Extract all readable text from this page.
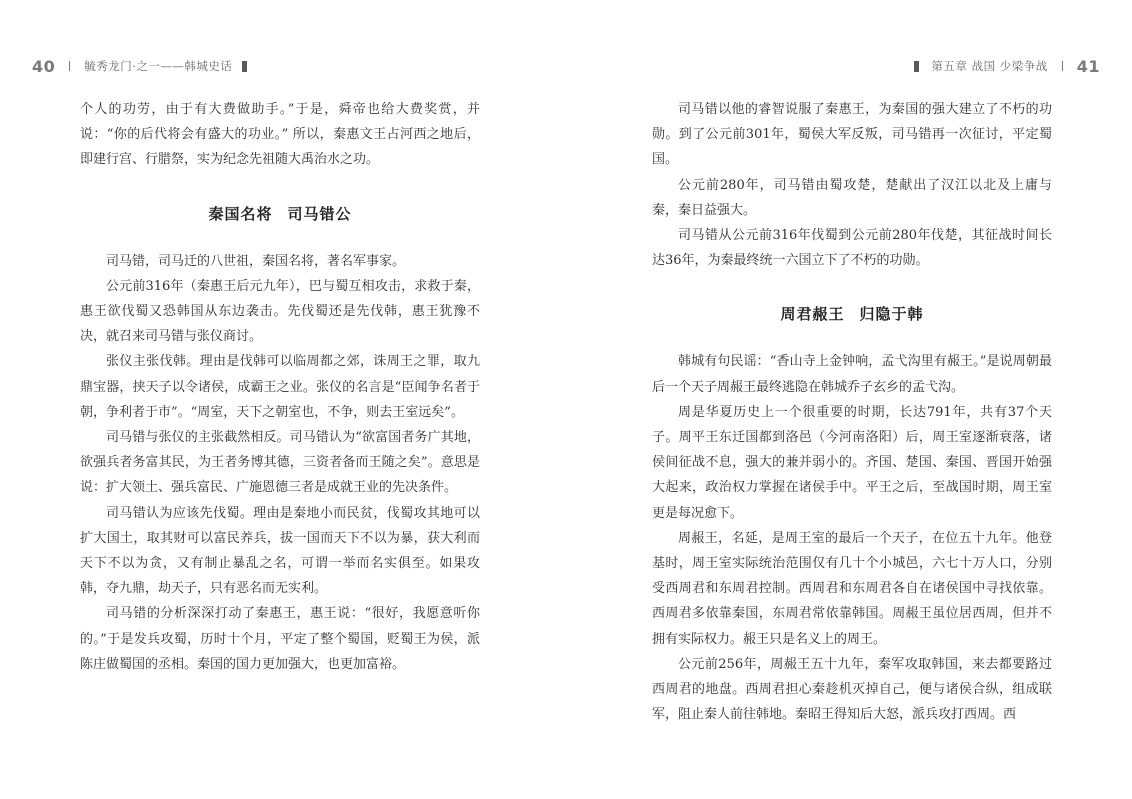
40	毓秀龙门·之一——韩城史话

个人的功劳，由于有大费做助手。”于是，舜帝也给大费奖赏，并说：“你的后代将会有盛大的功业。” 所以，秦惠文王占河西之地后，即建行宫、行腊祭，实为纪念先祖随大禹治水之功。

秦国名将 司马错公

司马错，司马迁的八世祖，秦国名将，著名军事家。

公元前316年（秦惠王后元九年），巴与蜀互相攻击，求救于秦，惠王欲伐蜀又恐韩国从东边袭击。先伐蜀还是先伐韩，惠王犹豫不决，就召来司马错与张仪商讨。

张仪主张伐韩。理由是伐韩可以临周都之郊，诛周王之罪，取九鼎宝器，挟天子以令诸侯，成霸王之业。张仪的名言是“臣闻争名者于朝，争利者于市”。“周室，天下之朝室也，不争，则去王室远矣”。

司马错与张仪的主张截然相反。司马错认为“欲富国者务广其地，欲强兵者务富其民，为王者务博其德，三资者备而王随之矣”。意思是说：扩大领土、强兵富民、广施恩德三者是成就王业的先决条件。

司马错认为应该先伐蜀。理由是秦地小而民贫，伐蜀攻其地可以扩大国土，取其财可以富民养兵，拔一国而天下不以为暴，获大利而天下不以为贪，又有制止暴乱之名，可谓一举而名实俱至。如果攻韩，夺九鼎，劫天子，只有恶名而无实利。

司马错的分析深深打动了秦惠王，惠王说：“很好，我愿意听你的。”于是发兵攻蜀，历时十个月，平定了整个蜀国，贬蜀王为侯，派陈庄做蜀国的丞相。秦国的国力更加强大，也更加富裕。

第五章 战国 少梁争战 41

司马错以他的睿智说服了秦惠王，为秦国的强大建立了不朽的功勋。到了公元前301年，蜀侯大军反叛，司马错再一次征讨，平定蜀国。

公元前280年，司马错由蜀攻楚，楚献出了汉江以北及上庸与秦，秦日益强大。

司马错从公元前316年伐蜀到公元前280年伐楚，其征战时间长达36年，为秦最终统一六国立下了不朽的功勋。

周君赧王 归隐于韩

韩城有句民谣：“香山寺上金钟响，孟弋沟里有赧王。”是说周朝最后一个天子周赧王最终逃隐在韩城乔子玄乡的孟弋沟。

周是华夏历史上一个很重要的时期，长达791年，共有37个天子。周平王东迁国都到洛邑（今河南洛阳）后，周王室逐渐衰落，诸侯间征战不息，强大的兼并弱小的。齐国、楚国、秦国、晋国开始强大起来，政治权力掌握在诸侯手中。平王之后，至战国时期，周王室更是每况愈下。

周赧王，名延，是周王室的最后一个天子，在位五十九年。他登基时，周王室实际统治范围仅有几十个小城邑，六七十万人口，分别受西周君和东周君控制。西周君和东周君各自在诸侯国中寻找依靠。西周君多依靠秦国，东周君常依靠韩国。周赧王虽位居西周，但并不拥有实际权力。赧王只是名义上的周王。

公元前256年，周赧王五十九年，秦军攻取韩国，来去都要路过西周君的地盘。西周君担心秦趁机灭掉自己，便与诸侯合纵，组成联军，阻止秦人前往韩地。秦昭王得知后大怒，派兵攻打西周。西
